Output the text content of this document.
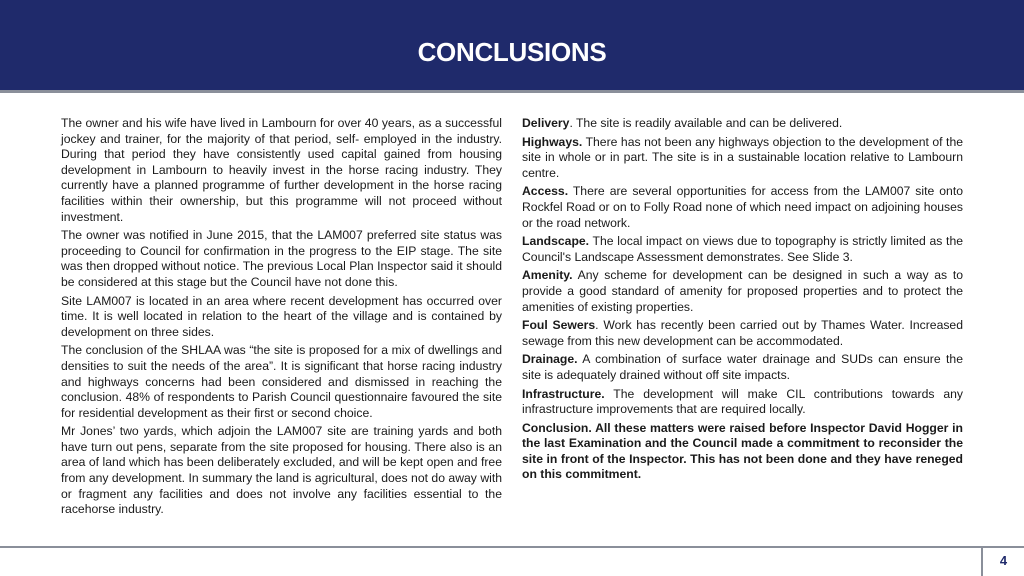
CONCLUSIONS

The owner and his wife have lived in Lambourn for over 40 years, as a successful jockey and trainer, for the majority of that period, self- employed in the industry. During that period they have consistently used capital gained from housing development in Lambourn to heavily invest in the horse racing industry. They currently have a planned programme of further development in the horse racing facilities within their ownership, but this programme will not proceed without investment.

The owner was notified in June 2015, that the LAM007 preferred site status was proceeding to Council for confirmation in the progress to the EIP stage. The site was then dropped without notice. The previous Local Plan Inspector said it should be considered at this stage but the Council have not done this.

Site LAM007 is located in an area where recent development has occurred over time. It is well located in relation to the heart of the village and is contained by development on three sides.

The conclusion of the SHLAA was “the site is proposed for a mix of dwellings and densities to suit the needs of the area”. It is significant that horse racing industry and highways concerns had been considered and dismissed in reaching the conclusion. 48% of respondents to Parish Council questionnaire favoured the site for residential development as their first or second choice.

Mr Jones’ two yards, which adjoin the LAM007 site are training yards and both have turn out pens, separate from the site proposed for housing. There also is an area of land which has been deliberately excluded, and will be kept open and free from any development. In summary the land is agricultural, does not do away with or fragment any facilities and does not involve any facilities essential to the racehorse industry.

Delivery. The site is readily available and can be delivered.

Highways. There has not been any highways objection to the development of the site in whole or in part. The site is in a sustainable location relative to Lambourn centre.

Access. There are several opportunities for access from the LAM007 site onto Rockfel Road or on to Folly Road none of which need impact on adjoining houses or the road network.

Landscape. The local impact on views due to topography is strictly limited as the Council's Landscape Assessment demonstrates. See Slide 3.

Amenity. Any scheme for development can be designed in such a way as to provide a good standard of amenity for proposed properties and to protect the amenities of existing properties.

Foul Sewers. Work has recently been carried out by Thames Water. Increased sewage from this new development can be accommodated.

Drainage. A combination of surface water drainage and SUDs can ensure the site is adequately drained without off site impacts.

Infrastructure. The development will make CIL contributions towards any infrastructure improvements that are required locally.

Conclusion. All these matters were raised before Inspector David Hogger in the last Examination and the Council made a commitment to reconsider the site in front of the Inspector. This has not been done and they have reneged on this commitment.

4
